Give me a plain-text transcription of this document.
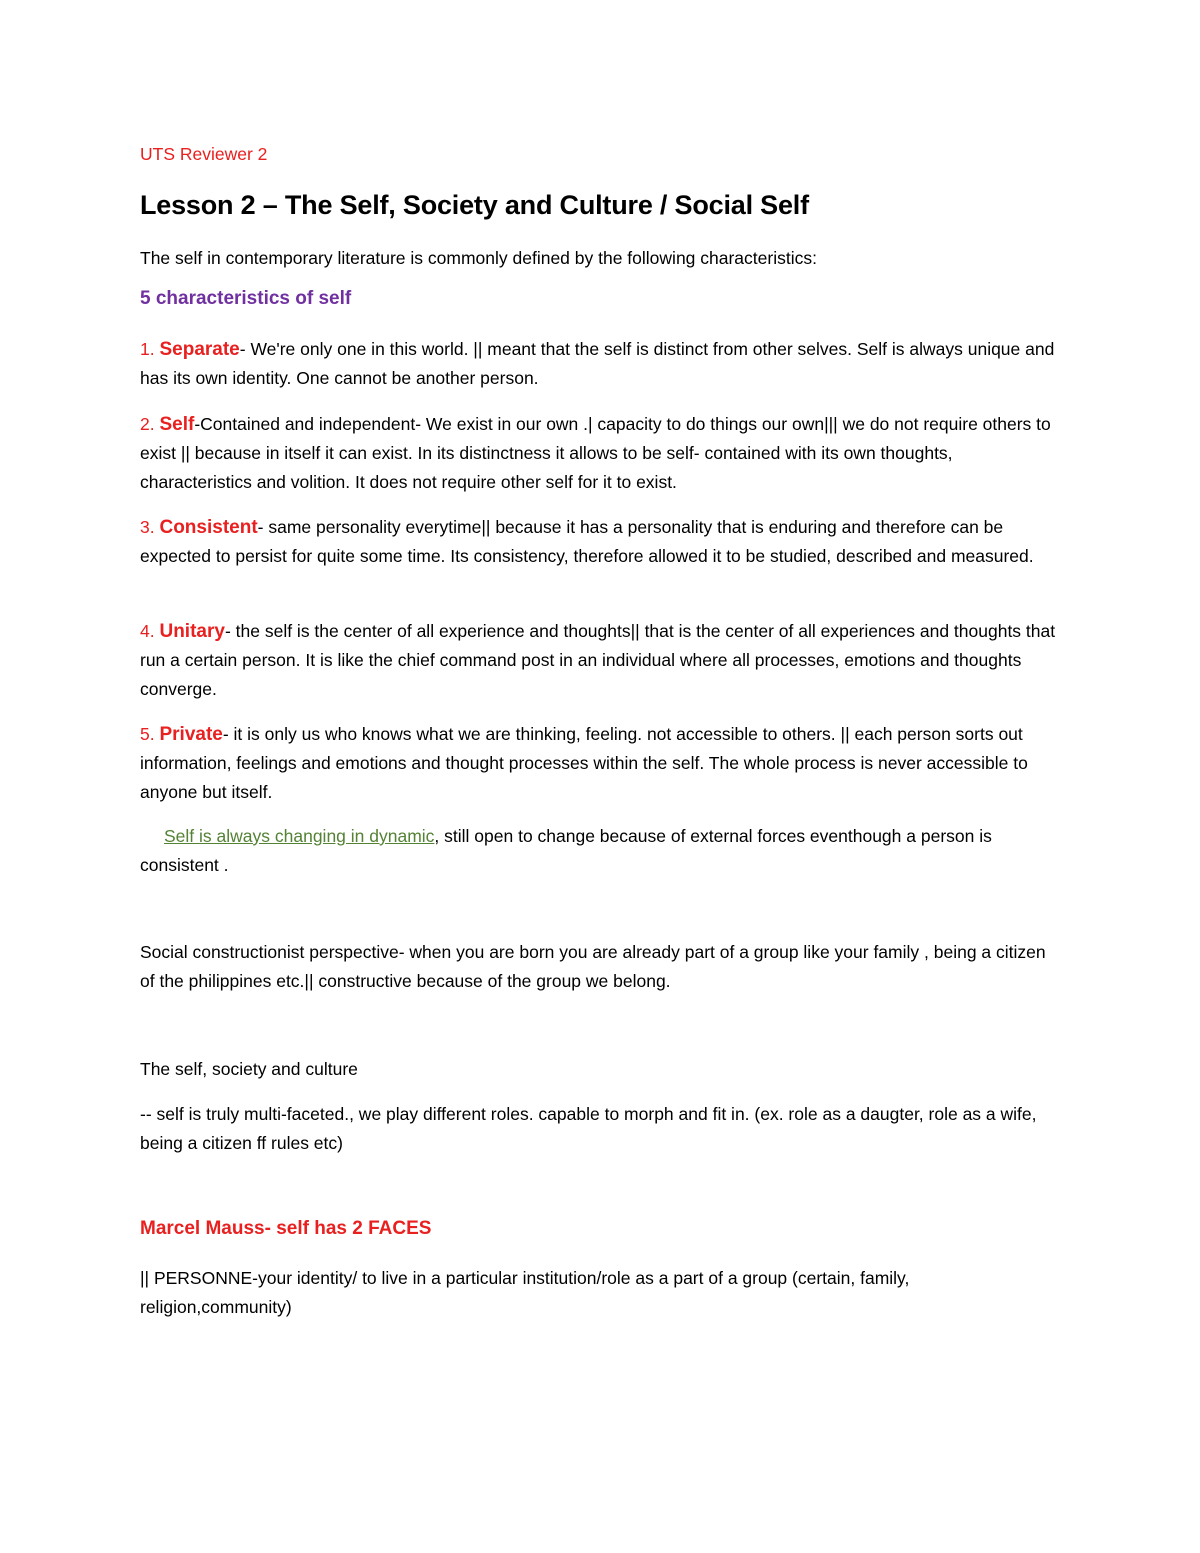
UTS Reviewer 2

Lesson 2 – The Self, Society and Culture / Social Self

The self in contemporary literature is commonly defined by the following characteristics:

5 characteristics of self

1. Separate- We're only one in this world. || meant that the self is distinct from other selves. Self is always unique and has its own identity. One cannot be another person.

2. Self-Contained and independent- We exist in our own .| capacity to do things our own||| we do not require others to exist || because in itself it can exist. In its distinctness it allows to be self- contained with its own thoughts, characteristics and volition. It does not require other self for it to exist.

3. Consistent- same personality everytime|| because it has a personality that is enduring and therefore can be expected to persist for quite some time. Its consistency, therefore allowed it to be studied, described and measured.

4. Unitary- the self is the center of all experience and thoughts|| that is the center of all experiences and thoughts that run a certain person. It is like the chief command post in an individual where all processes, emotions and thoughts converge.

5. Private- it is only us who knows what we are thinking, feeling. not accessible to others. || each person sorts out information, feelings and emotions and thought processes within the self. The whole process is never accessible to anyone but itself.

Self is always changing in dynamic, still open to change because of external forces eventhough a person is consistent .

Social constructionist perspective- when you are born you are already part of a group like your family , being a citizen of the philippines etc.|| constructive because of the group we belong.

The self, society and culture

-- self is truly multi-faceted., we play different roles. capable to morph and fit in. (ex. role as a daugter, role as a wife, being a citizen ff rules etc)

Marcel Mauss- self has 2 FACES

|| PERSONNE-your identity/ to live in a particular institution/role as a part of a group (certain, family, religion,community)
